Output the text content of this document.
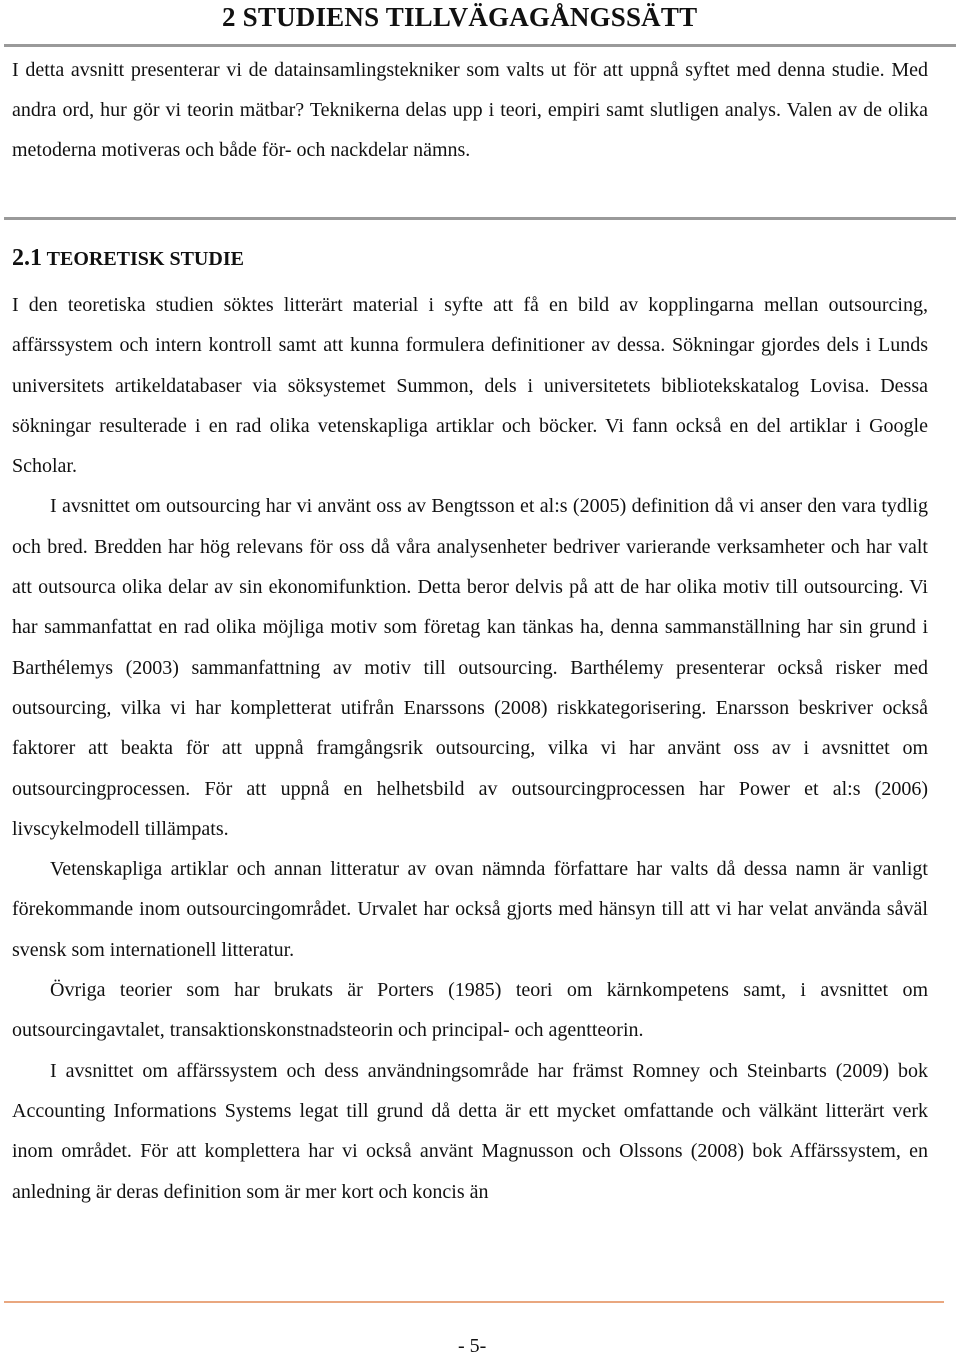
2 STUDIENS TILLVÄGAGÅNGSSÄTT

I detta avsnitt presenterar vi de datainsamlingstekniker som valts ut för att uppnå syftet med denna studie. Med andra ord, hur gör vi teorin mätbar? Teknikerna delas upp i teori, empiri samt slutligen analys. Valen av de olika metoderna motiveras och både för- och nackdelar nämns.

2.1 TEORETISK STUDIE

I den teoretiska studien söktes litterärt material i syfte att få en bild av kopplingarna mellan outsourcing, affärssystem och intern kontroll samt att kunna formulera definitioner av dessa. Sökningar gjordes dels i Lunds universitets artikeldatabaser via söksystemet Summon, dels i universitetets bibliotekskatalog Lovisa. Dessa sökningar resulterade i en rad olika vetenskapliga artiklar och böcker. Vi fann också en del artiklar i Google Scholar.

I avsnittet om outsourcing har vi använt oss av Bengtsson et al:s (2005) definition då vi anser den vara tydlig och bred. Bredden har hög relevans för oss då våra analysenheter bedriver varierande verksamheter och har valt att outsourca olika delar av sin ekonomifunktion. Detta beror delvis på att de har olika motiv till outsourcing. Vi har sammanfattat en rad olika möjliga motiv som företag kan tänkas ha, denna sammanställning har sin grund i Barthélemys (2003) sammanfattning av motiv till outsourcing. Barthélemy presenterar också risker med outsourcing, vilka vi har kompletterat utifrån Enarssons (2008) riskkategorisering. Enarsson beskriver också faktorer att beakta för att uppnå framgångsrik outsourcing, vilka vi har använt oss av i avsnittet om outsourcingprocessen. För att uppnå en helhetsbild av outsourcingprocessen har Power et al:s (2006) livscykelmodell tillämpats.

Vetenskapliga artiklar och annan litteratur av ovan nämnda författare har valts då dessa namn är vanligt förekommande inom outsourcingområdet. Urvalet har också gjorts med hänsyn till att vi har velat använda såväl svensk som internationell litteratur.

Övriga teorier som har brukats är Porters (1985) teori om kärnkompetens samt, i avsnittet om outsourcingavtalet, transaktionskonstnadsteorin och principal- och agentteorin.

I avsnittet om affärssystem och dess användningsområde har främst Romney och Steinbarts (2009) bok Accounting Informations Systems legat till grund då detta är ett mycket omfattande och välkänt litterärt verk inom området. För att komplettera har vi också använt Magnusson och Olssons (2008) bok Affärssystem, en anledning är deras definition som är mer kort och koncis än

- 5-
